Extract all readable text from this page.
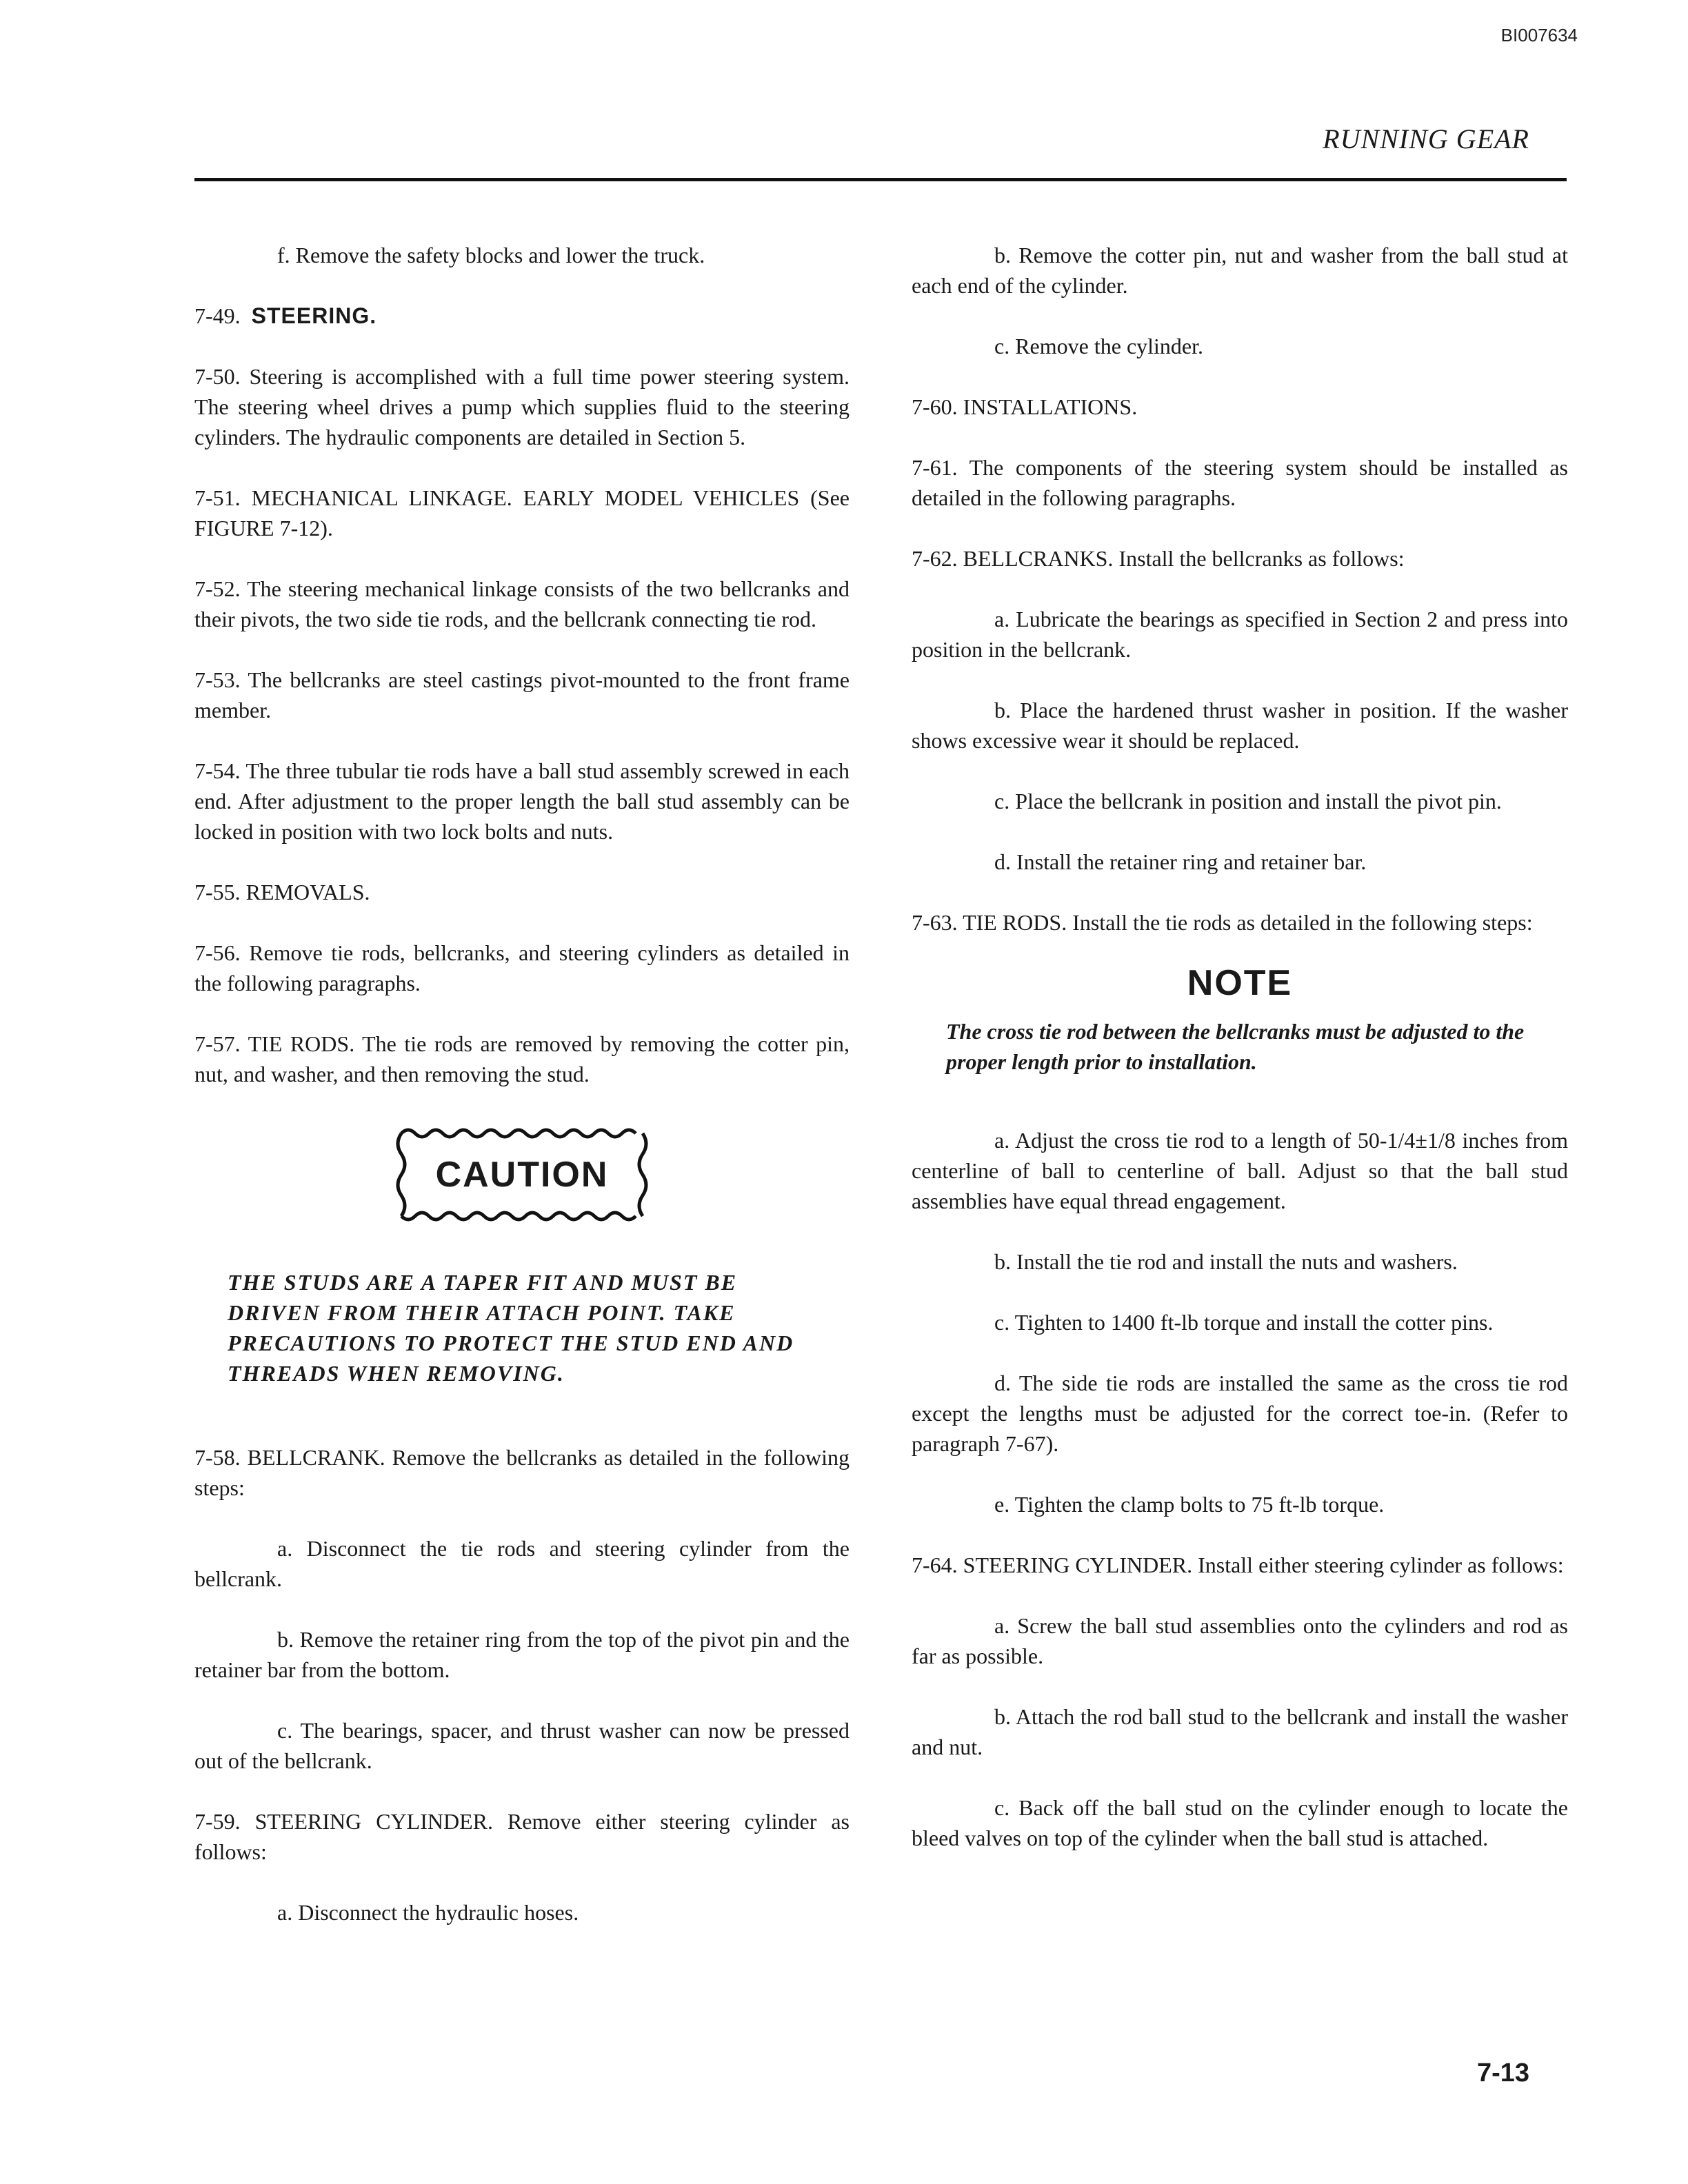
BI007634
RUNNING GEAR

f. Remove the safety blocks and lower the truck.

7-49. STEERING.

7-50. Steering is accomplished with a full time power steering system. The steering wheel drives a pump which supplies fluid to the steering cylinders. The hydraulic components are detailed in Section 5.

7-51. MECHANICAL LINKAGE. EARLY MODEL VEHICLES (See FIGURE 7-12).

7-52. The steering mechanical linkage consists of the two bellcranks and their pivots, the two side tie rods, and the bellcrank connecting tie rod.

7-53. The bellcranks are steel castings pivot-mounted to the front frame member.

7-54. The three tubular tie rods have a ball stud assembly screwed in each end. After adjustment to the proper length the ball stud assembly can be locked in position with two lock bolts and nuts.

7-55. REMOVALS.

7-56. Remove tie rods, bellcranks, and steering cylinders as detailed in the following paragraphs.

7-57. TIE RODS. The tie rods are removed by removing the cotter pin, nut, and washer, and then removing the stud.

CAUTION

THE STUDS ARE A TAPER FIT AND MUST BE DRIVEN FROM THEIR ATTACH POINT. TAKE PRECAUTIONS TO PROTECT THE STUD END AND THREADS WHEN REMOVING.

7-58. BELLCRANK. Remove the bellcranks as detailed in the following steps:

a. Disconnect the tie rods and steering cylinder from the bellcrank.

b. Remove the retainer ring from the top of the pivot pin and the retainer bar from the bottom.

c. The bearings, spacer, and thrust washer can now be pressed out of the bellcrank.

7-59. STEERING CYLINDER. Remove either steering cylinder as follows:

a. Disconnect the hydraulic hoses.

b. Remove the cotter pin, nut and washer from the ball stud at each end of the cylinder.

c. Remove the cylinder.

7-60. INSTALLATIONS.

7-61. The components of the steering system should be installed as detailed in the following paragraphs.

7-62. BELLCRANKS. Install the bellcranks as follows:

a. Lubricate the bearings as specified in Section 2 and press into position in the bellcrank.

b. Place the hardened thrust washer in position. If the washer shows excessive wear it should be replaced.

c. Place the bellcrank in position and install the pivot pin.

d. Install the retainer ring and retainer bar.

7-63. TIE RODS. Install the tie rods as detailed in the following steps:

NOTE

The cross tie rod between the bellcranks must be adjusted to the proper length prior to installation.

a. Adjust the cross tie rod to a length of 50-1/4±1/8 inches from centerline of ball to centerline of ball. Adjust so that the ball stud assemblies have equal thread engagement.

b. Install the tie rod and install the nuts and washers.

c. Tighten to 1400 ft-lb torque and install the cotter pins.

d. The side tie rods are installed the same as the cross tie rod except the lengths must be adjusted for the correct toe-in. (Refer to paragraph 7-67).

e. Tighten the clamp bolts to 75 ft-lb torque.

7-64. STEERING CYLINDER. Install either steering cylinder as follows:

a. Screw the ball stud assemblies onto the cylinders and rod as far as possible.

b. Attach the rod ball stud to the bellcrank and install the washer and nut.

c. Back off the ball stud on the cylinder enough to locate the bleed valves on top of the cylinder when the ball stud is attached.

7-13
